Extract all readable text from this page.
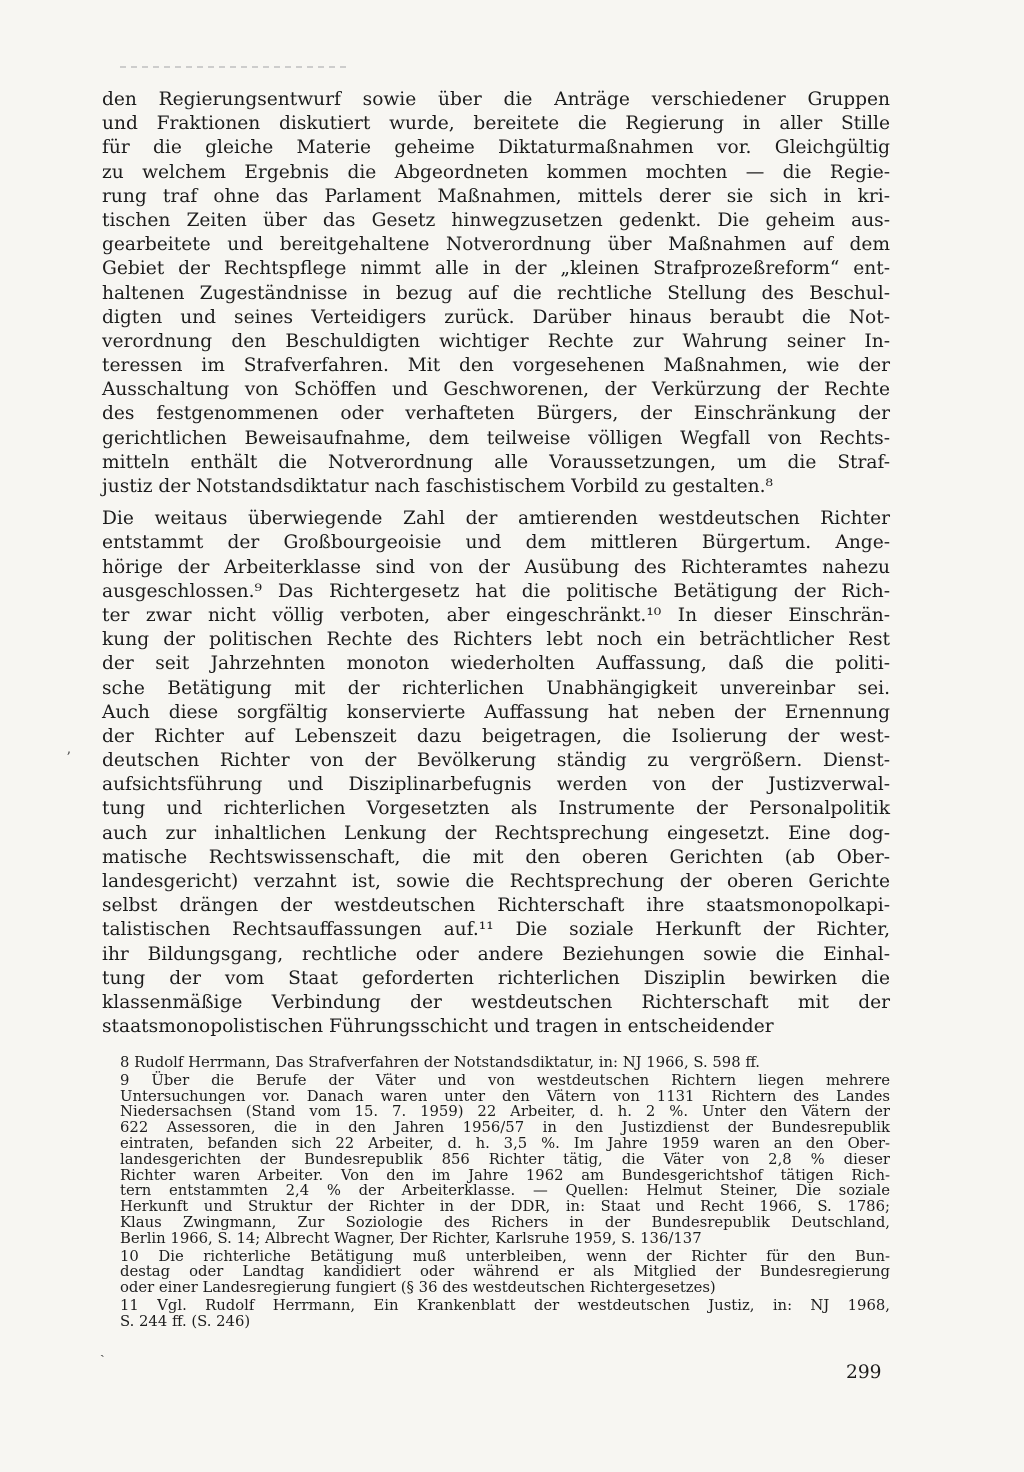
den Regierungsentwurf sowie über die Anträge verschiedener Gruppen
und Fraktionen diskutiert wurde, bereitete die Regierung in aller Stille
für die gleiche Materie geheime Diktaturmaßnahmen vor. Gleichgültig
zu welchem Ergebnis die Abgeordneten kommen mochten — die Regie-
rung traf ohne das Parlament Maßnahmen, mittels derer sie sich in kri-
tischen Zeiten über das Gesetz hinwegzusetzen gedenkt. Die geheim aus-
gearbeitete und bereitgehaltene Notverordnung über Maßnahmen auf dem
Gebiet der Rechtspflege nimmt alle in der „kleinen Strafprozeßreform“ ent-
haltenen Zugeständnisse in bezug auf die rechtliche Stellung des Beschul-
digten und seines Verteidigers zurück. Darüber hinaus beraubt die Not-
verordnung den Beschuldigten wichtiger Rechte zur Wahrung seiner In-
teressen im Strafverfahren. Mit den vorgesehenen Maßnahmen, wie der
Ausschaltung von Schöffen und Geschworenen, der Verkürzung der Rechte
des festgenommenen oder verhafteten Bürgers, der Einschränkung der
gerichtlichen Beweisaufnahme, dem teilweise völligen Wegfall von Rechts-
mitteln enthält die Notverordnung alle Voraussetzungen, um die Straf-
justiz der Notstandsdiktatur nach faschistischem Vorbild zu gestalten.⁸
Die weitaus überwiegende Zahl der amtierenden westdeutschen Richter
entstammt der Großbourgeoisie und dem mittleren Bürgertum. Ange-
hörige der Arbeiterklasse sind von der Ausübung des Richteramtes nahezu
ausgeschlossen.⁹ Das Richtergesetz hat die politische Betätigung der Rich-
ter zwar nicht völlig verboten, aber eingeschränkt.¹⁰ In dieser Einschrän-
kung der politischen Rechte des Richters lebt noch ein beträchtlicher Rest
der seit Jahrzehnten monoton wiederholten Auffassung, daß die politi-
sche Betätigung mit der richterlichen Unabhängigkeit unvereinbar sei.
Auch diese sorgfältig konservierte Auffassung hat neben der Ernennung
der Richter auf Lebenszeit dazu beigetragen, die Isolierung der west-
deutschen Richter von der Bevölkerung ständig zu vergrößern. Dienst-
aufsichtsführung und Disziplinarbefugnis werden von der Justizverwal-
tung und richterlichen Vorgesetzten als Instrumente der Personalpolitik
auch zur inhaltlichen Lenkung der Rechtsprechung eingesetzt. Eine dog-
matische Rechtswissenschaft, die mit den oberen Gerichten (ab Ober-
landesgericht) verzahnt ist, sowie die Rechtsprechung der oberen Gerichte
selbst drängen der westdeutschen Richterschaft ihre staatsmonopolkapi-
talistischen Rechtsauffassungen auf.¹¹ Die soziale Herkunft der Richter,
ihr Bildungsgang, rechtliche oder andere Beziehungen sowie die Einhal-
tung der vom Staat geforderten richterlichen Disziplin bewirken die
klassenmäßige Verbindung der westdeutschen Richterschaft mit der
staatsmonopolistischen Führungsschicht und tragen in entscheidender
8 Rudolf Herrmann, Das Strafverfahren der Notstandsdiktatur, in: NJ 1966, S. 598 ff.
9 Über die Berufe der Väter und von westdeutschen Richtern liegen mehrere
Untersuchungen vor. Danach waren unter den Vätern von 1131 Richtern des Landes
Niedersachsen (Stand vom 15. 7. 1959) 22 Arbeiter, d. h. 2 %. Unter den Vätern der
622 Assessoren, die in den Jahren 1956/57 in den Justizdienst der Bundesrepublik
eintraten, befanden sich 22 Arbeiter, d. h. 3,5 %. Im Jahre 1959 waren an den Ober-
landesgerichten der Bundesrepublik 856 Richter tätig, die Väter von 2,8 % dieser
Richter waren Arbeiter. Von den im Jahre 1962 am Bundesgerichtshof tätigen Rich-
tern entstammten 2,4 % der Arbeiterklasse. — Quellen: Helmut Steiner, Die soziale
Herkunft und Struktur der Richter in der DDR, in: Staat und Recht 1966, S. 1786;
Klaus Zwingmann, Zur Soziologie des Richers in der Bundesrepublik Deutschland,
Berlin 1966, S. 14; Albrecht Wagner, Der Richter, Karlsruhe 1959, S. 136/137
10 Die richterliche Betätigung muß unterbleiben, wenn der Richter für den Bun-
destag oder Landtag kandidiert oder während er als Mitglied der Bundesregierung
oder einer Landesregierung fungiert (§ 36 des westdeutschen Richtergesetzes)
11 Vgl. Rudolf Herrmann, Ein Krankenblatt der westdeutschen Justiz, in: NJ 1968,
S. 244 ff. (S. 246)
299
ʼ
ˎ
